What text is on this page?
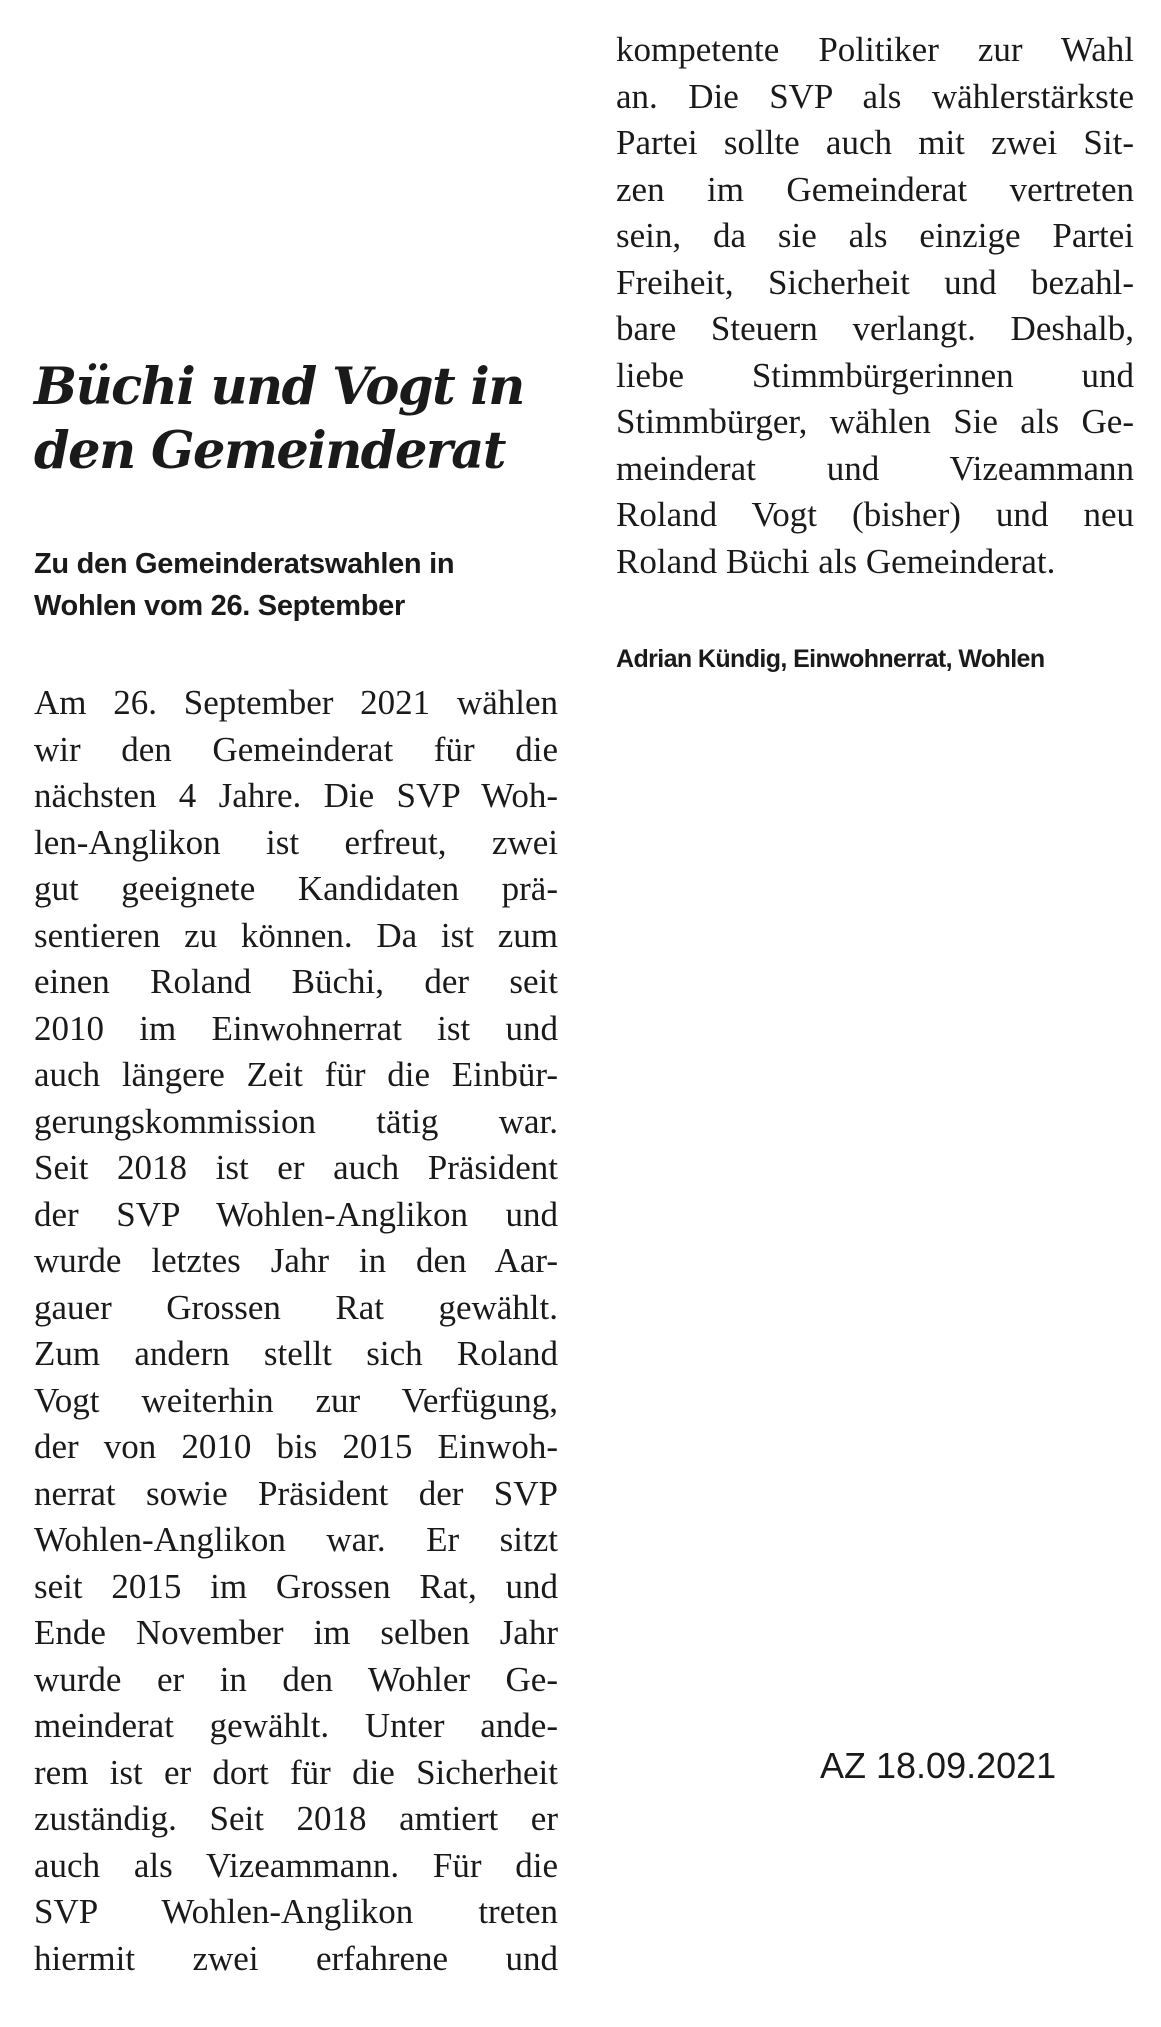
Büchi und Vogt in
den Gemeinderat
Zu den Gemeinderatswahlen in
Wohlen vom 26. September
Am 26. September 2021 wählen
wir den Gemeinderat für die
nächsten 4 Jahre. Die SVP Woh-
len-Anglikon ist erfreut, zwei
gut geeignete Kandidaten prä-
sentieren zu können. Da ist zum
einen Roland Büchi, der seit
2010 im Einwohnerrat ist und
auch längere Zeit für die Einbür-
gerungskommission tätig war.
Seit 2018 ist er auch Präsident
der SVP Wohlen-Anglikon und
wurde letztes Jahr in den Aar-
gauer Grossen Rat gewählt.
Zum andern stellt sich Roland
Vogt weiterhin zur Verfügung,
der von 2010 bis 2015 Einwoh-
nerrat sowie Präsident der SVP
Wohlen-Anglikon war. Er sitzt
seit 2015 im Grossen Rat, und
Ende November im selben Jahr
wurde er in den Wohler Ge-
meinderat gewählt. Unter ande-
rem ist er dort für die Sicherheit
zuständig. Seit 2018 amtiert er
auch als Vizeammann. Für die
SVP Wohlen-Anglikon treten
hiermit zwei erfahrene und
kompetente Politiker zur Wahl
an. Die SVP als wählerstärkste
Partei sollte auch mit zwei Sit-
zen im Gemeinderat vertreten
sein, da sie als einzige Partei
Freiheit, Sicherheit und bezahl-
bare Steuern verlangt. Deshalb,
liebe Stimmbürgerinnen und
Stimmbürger, wählen Sie als Ge-
meinderat und Vizeammann
Roland Vogt (bisher) und neu
Roland Büchi als Gemeinderat.

Adrian Kündig, Einwohnerrat, Wohlen

AZ 18.09.2021
